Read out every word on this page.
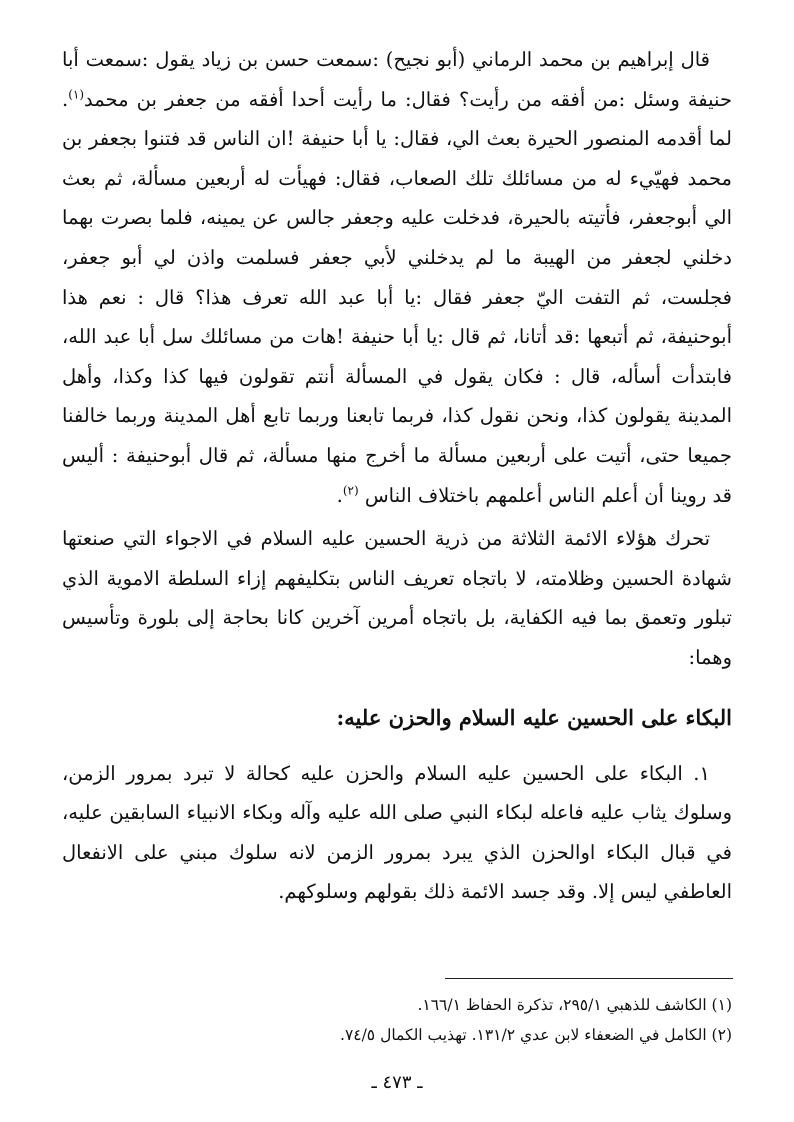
قال إبراهيم بن محمد الرماني (أبو نجيح) :سمعت حسن بن زياد يقول :سمعت أبا حنيفة وسئل :من أفقه من رأيت؟ فقال: ما رأيت أحدا أفقه من جعفر بن محمد$^{(١)}$. لما أقدمه المنصور الحيرة بعث الي، فقال: يا أبا حنيفة !ان الناس قد فتنوا بجعفر بن محمد فهيّيء له من مسائلك تلك الصعاب، فقال: فهيأت له أربعين مسألة، ثم بعث الي أبوجعفر، فأتيته بالحيرة، فدخلت عليه وجعفر جالس عن يمينه، فلما بصرت بهما دخلني لجعفر من الهيبة ما لم يدخلني لأبي جعفر فسلمت واذن لي أبو جعفر، فجلست، ثم التفت اليّ جعفر فقال :يا أبا عبد الله تعرف هذا؟ قال : نعم هذا أبوحنيفة، ثم أتبعها :قد أتانا، ثم قال :يا أبا حنيفة !هات من مسائلك سل أبا عبد الله، فابتدأت أسأله، قال : فكان يقول في المسألة أنتم تقولون فيها كذا وكذا، وأهل المدينة يقولون كذا، ونحن نقول كذا، فربما تابعنا وربما تابع أهل المدينة وربما خالفنا جميعا حتى، أتيت على أربعين مسألة ما أخرج منها مسألة، ثم قال أبوحنيفة : أليس قد روينا أن أعلم الناس أعلمهم باختلاف الناس $^{(٢)}$.

تحرك هؤلاء الائمة الثلاثة من ذرية الحسين عليه السلام في الاجواء التي صنعتها شهادة الحسين وظلامته، لا باتجاه تعريف الناس بتكليفهم إزاء السلطة الاموية الذي تبلور وتعمق بما فيه الكفاية، بل باتجاه أمرين آخرين كانا بحاجة إلى بلورة وتأسيس وهما:

البكاء على الحسين عليه السلام والحزن عليه:

١. البكاء على الحسين عليه السلام والحزن عليه كحالة لا تبرد بمرور الزمن، وسلوك يثاب عليه فاعله لبكاء النبي صلى الله عليه وآله وبكاء الانبياء السابقين عليه، في قبال البكاء اوالحزن الذي يبرد بمرور الزمن لانه سلوك مبني على الانفعال العاطفي ليس إلا. وقد جسد الائمة ذلك بقولهم وسلوكهم.

(١) الكاشف للذهبي ٢٩٥/١، تذكرة الحفاظ ١٦٦/١.

(٢) الكامل في الضعفاء لابن عدي ١٣١/٢. تهذيب الكمال ٧٤/٥.

ـ ٤٧٣ ـ
